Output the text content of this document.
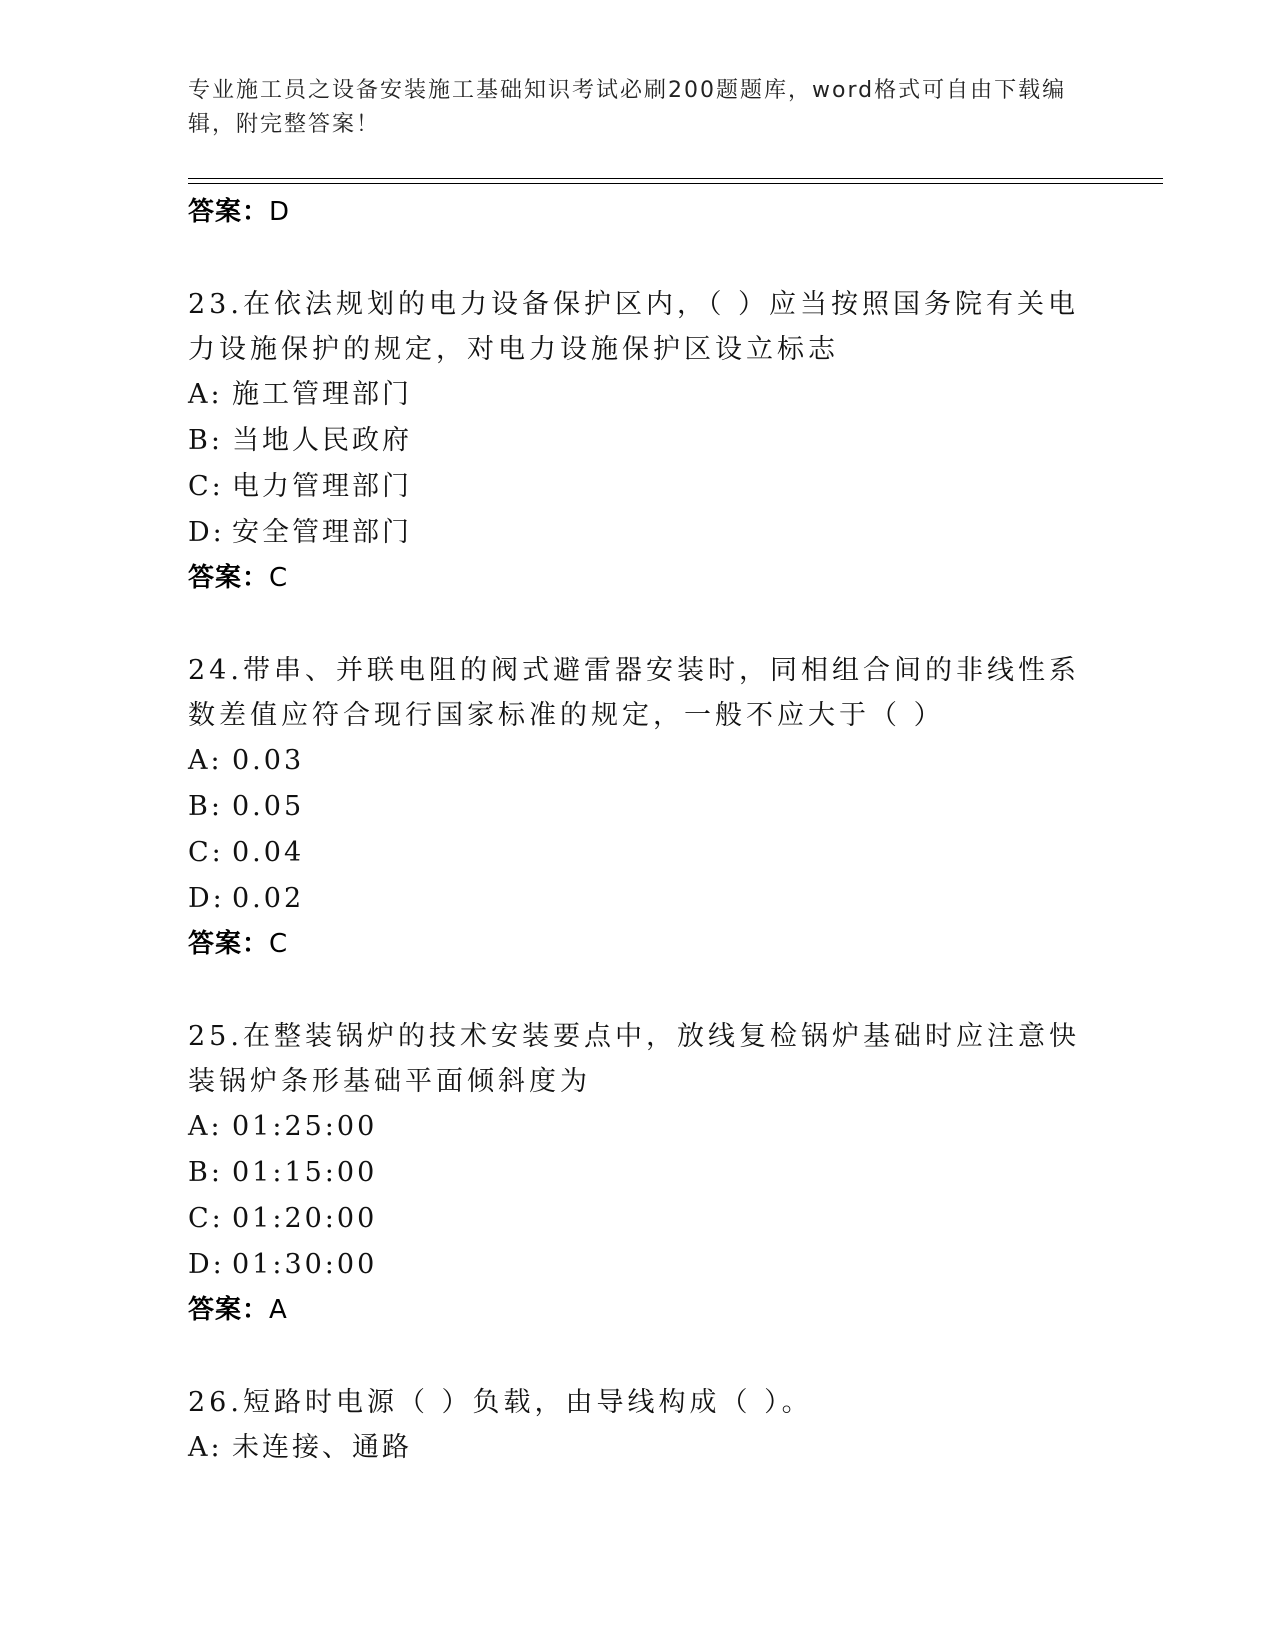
专业施工员之设备安装施工基础知识考试必刷200题题库，word格式可自由下载编辑，附完整答案！
答案：D
23.在依法规划的电力设备保护区内，（ ）应当按照国务院有关电力设施保护的规定，对电力设施保护区设立标志
A: 施工管理部门
B: 当地人民政府
C: 电力管理部门
D: 安全管理部门
答案：C
24.带串、并联电阻的阀式避雷器安装时，同相组合间的非线性系数差值应符合现行国家标准的规定，一般不应大于（ ）
A: 0.03
B: 0.05
C: 0.04
D: 0.02
答案：C
25.在整装锅炉的技术安装要点中，放线复检锅炉基础时应注意快装锅炉条形基础平面倾斜度为
A: 01:25:00
B: 01:15:00
C: 01:20:00
D: 01:30:00
答案：A
26.短路时电源（ ）负载，由导线构成（ ）。
A: 未连接、通路
